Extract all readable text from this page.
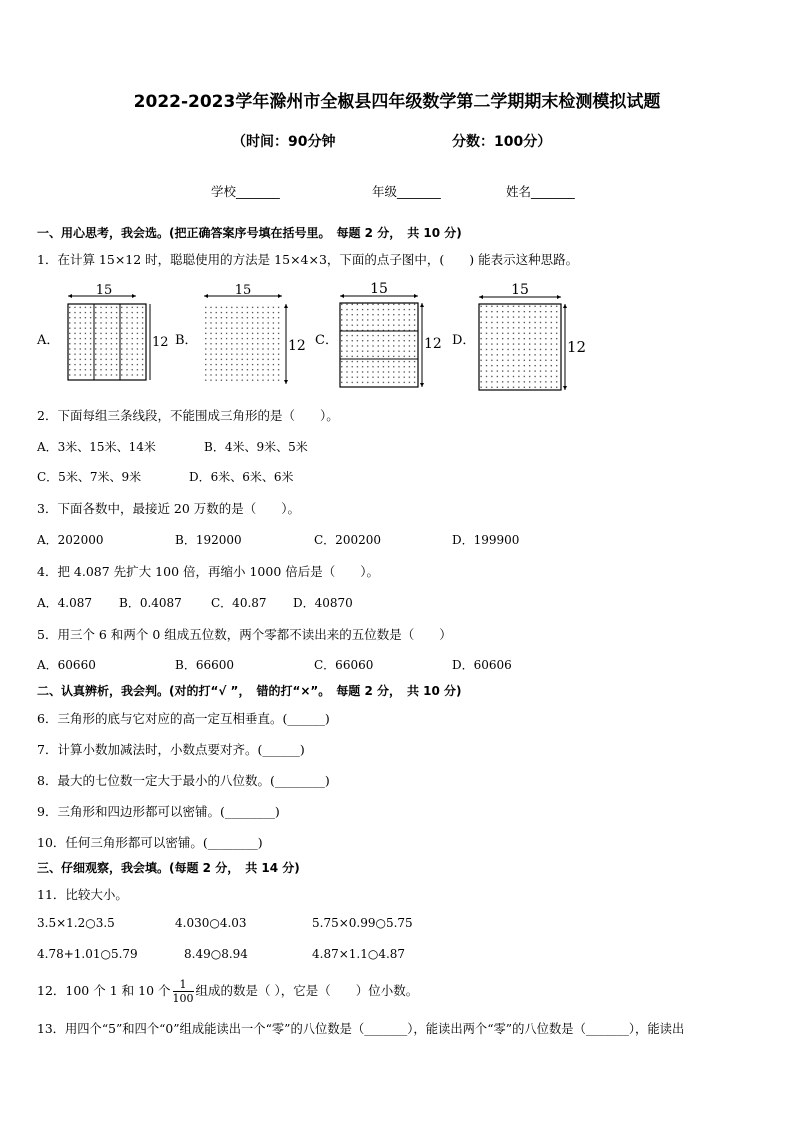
2022-2023学年滁州市全椒县四年级数学第二学期期末检测模拟试题
（时间：90分钟	分数：100分）
学校_______	年级_______	姓名_______
一、用心思考，我会选。(把正确答案序号填在括号里。　每题 2 分，　共 10 分)
1．在计算 15×12 时，聪聪使用的方法是 15×4×3，下面的点子图中，(　　) 能表示这种思路。
A．
15
12 B．
15
12 C．
15
12 D．
15
12
2．下面每组三条线段，不能围成三角形的是（　　）。
A．3米、15米、14米	B．4米、9米、5米
C．5米、7米、9米	D．6米、6米、6米
3．下面各数中，最接近 20 万数的是（　　）。
A．202000	B．192000	C．200200	D．199900
4．把 4.087 先扩大 100 倍，再缩小 1000 倍后是（　　）。
A．4.087 B．0.4087 C．40.87 D．40870
5．用三个 6 和两个 0 组成五位数，两个零都不读出来的五位数是（　　）
A．60660	B．66600	C．66060	D．60606
二、认真辨析，我会判。(对的打“√ ”，　错的打“×”。　每题 2 分，　共 10 分)
6．三角形的底与它对应的高一定互相垂直。(______)
7．计算小数加减法时，小数点要对齐。(______)
8．最大的七位数一定大于最小的八位数。(________)
9．三角形和四边形都可以密铺。(________)
10．任何三角形都可以密铺。(________)
三、仔细观察，我会填。(每题 2 分，　共 14 分)
11．比较大小。
3.5×1.2○3.5	4.030○4.03	5.75×0.99○5.75
4.78+1.01○5.79	8.49○8.94	4.87×1.1○4.87
12．100 个 1 和 10 个 $\frac{1}{100}$ 组成的数是（ ），它是（　　）位小数。
13．用四个“5”和四个“0”组成能读出一个“零”的八位数是（_______），能读出两个“零”的八位数是（_______），能读出
